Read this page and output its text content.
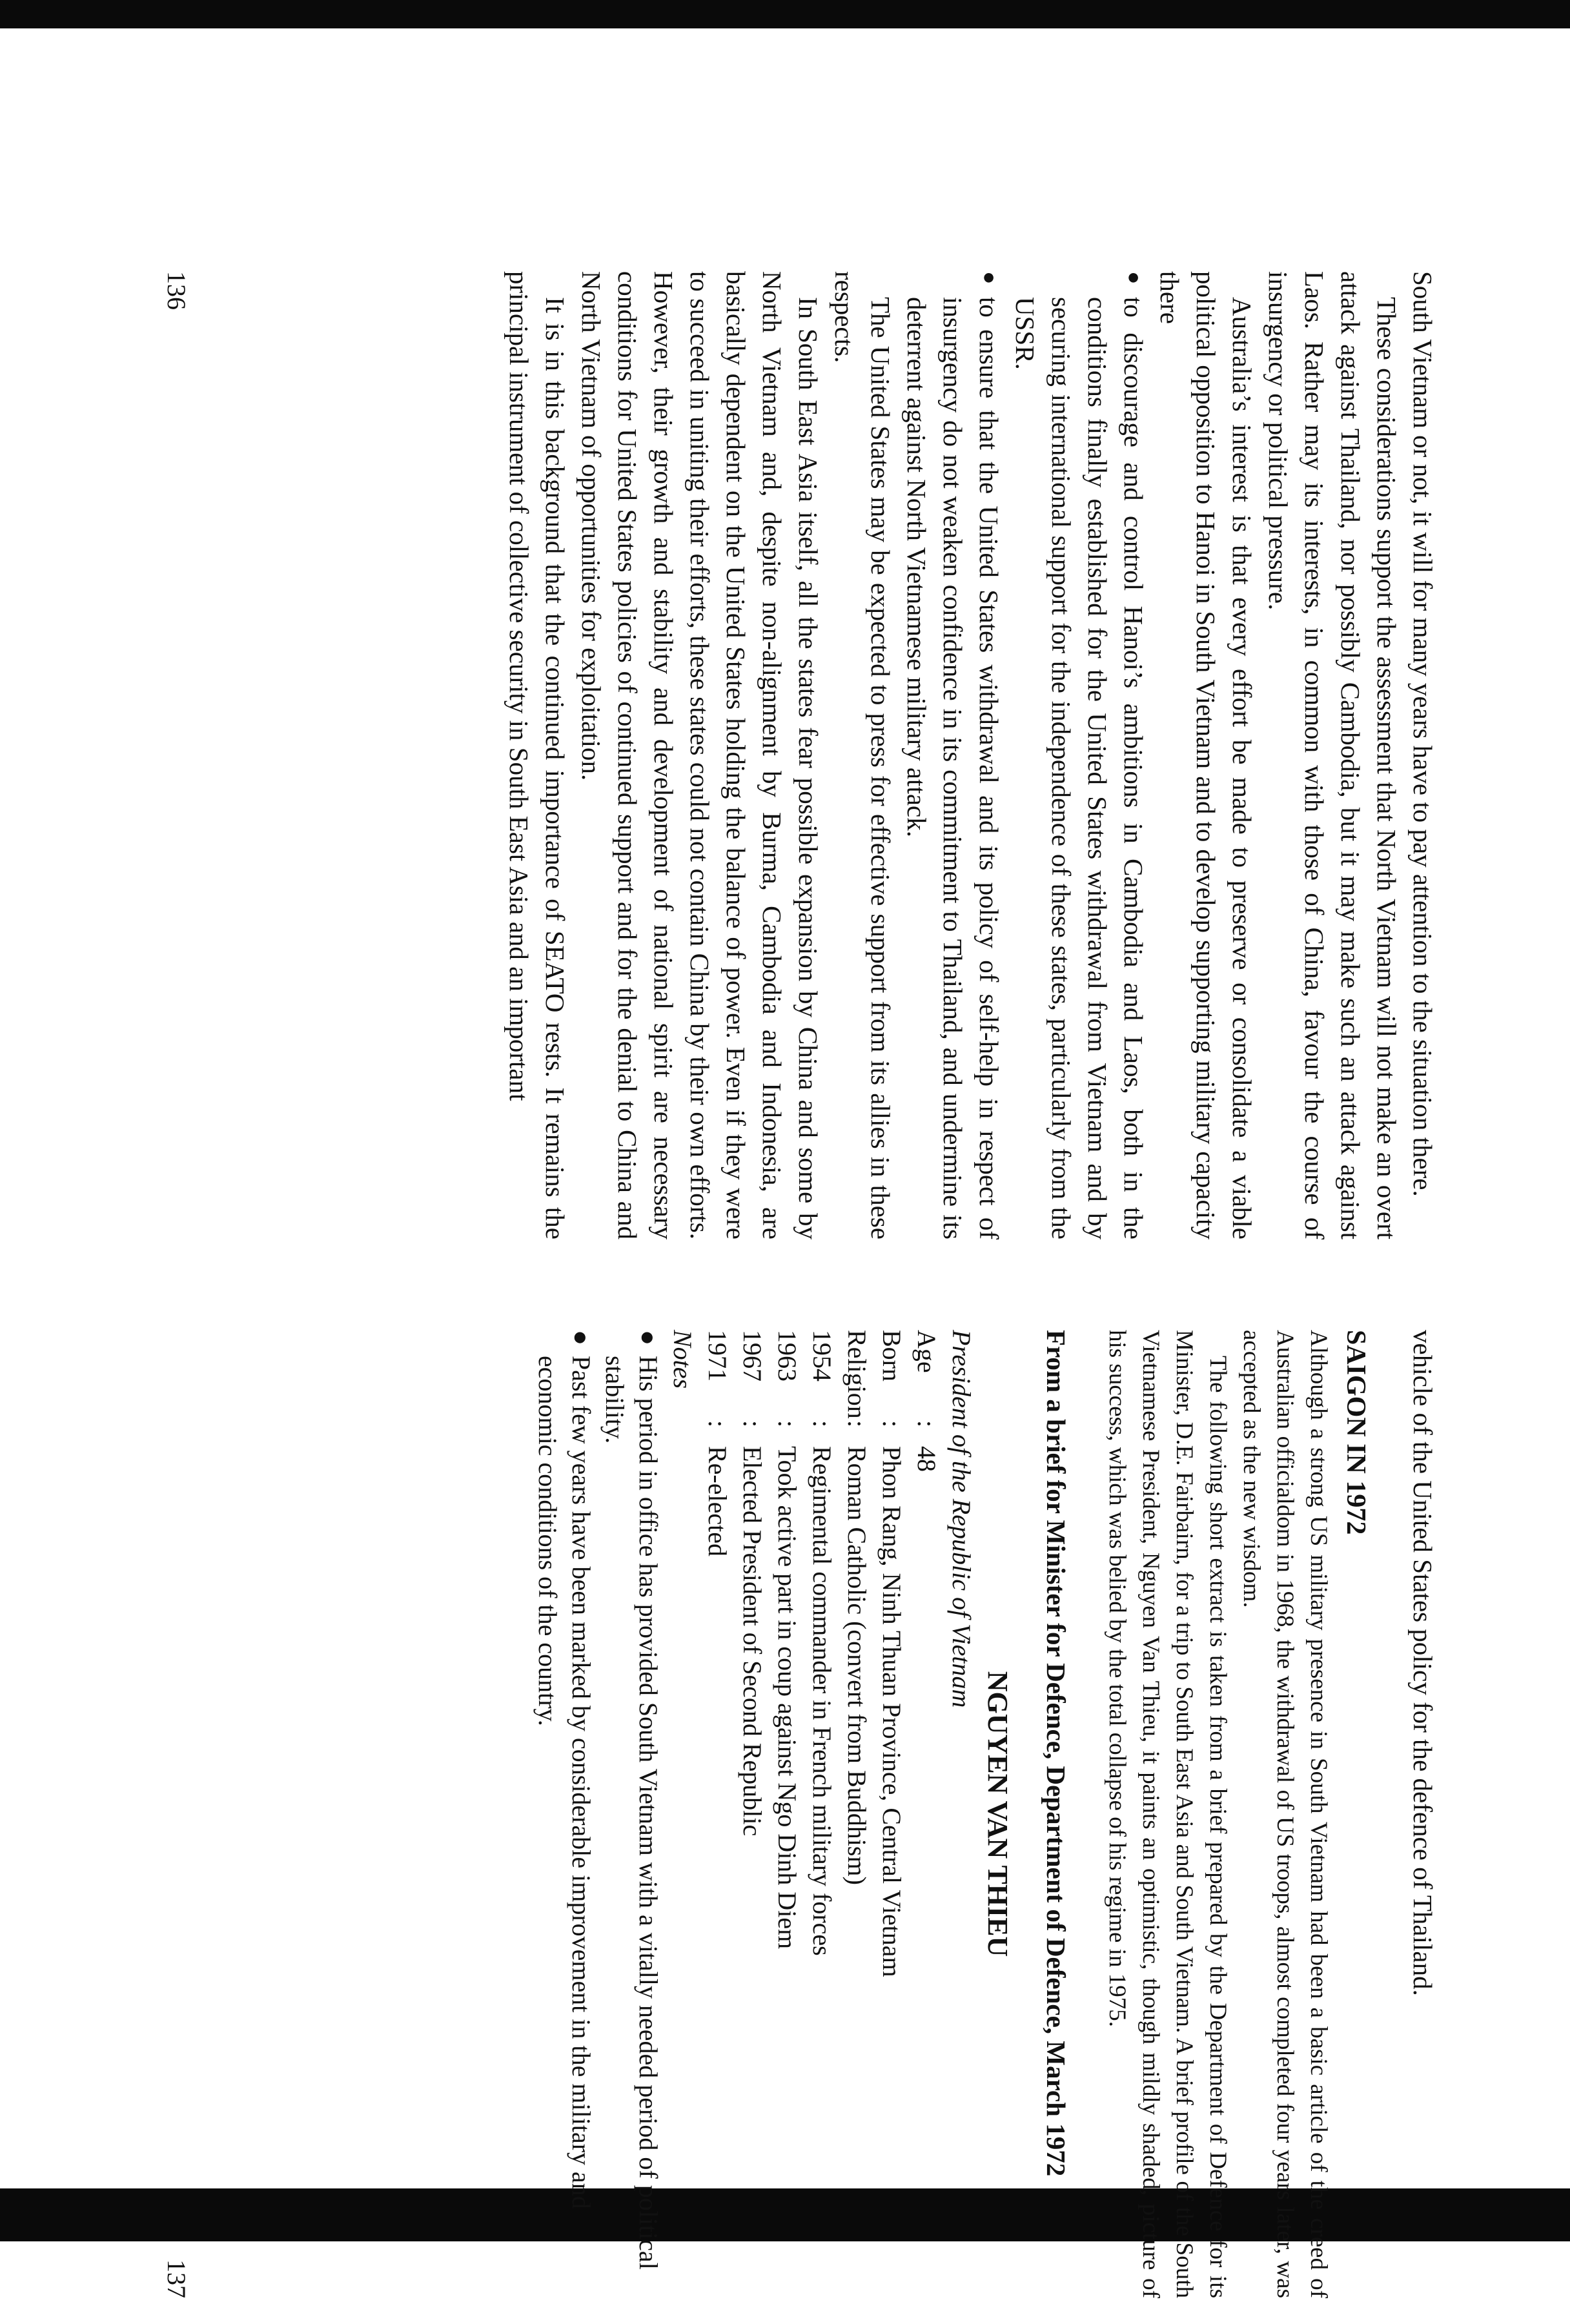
South Vietnam or not, it will for many years have to pay attention to the situation there.

These considerations support the assessment that North Vietnam will not make an overt attack against Thailand, nor possibly Cambodia, but it may make such an attack against Laos. Rather may its interests, in common with those of China, favour the course of insurgency or political pressure.

Australia’s interest is that every effort be made to preserve or consolidate a viable political opposition to Hanoi in South Vietnam and to develop supporting military capacity there

●
to discourage and control Hanoi’s ambitions in Cambodia and Laos, both in the conditions finally established for the United States withdrawal from Vietnam and by securing international support for the independence of these states, particularly from the USSR.
●
to ensure that the United States withdrawal and its policy of self-help in respect of insurgency do not weaken confidence in its commitment to Thailand, and undermine its deterrent against North Vietnamese military attack.

The United States may be expected to press for effective support from its allies in these respects.

In South East Asia itself, all the states fear possible expansion by China and some by North Vietnam and, despite non-alignment by Burma, Cambodia and Indonesia, are basically dependent on the United States holding the balance of power. Even if they were to succeed in uniting their efforts, these states could not contain China by their own efforts. However, their growth and stability and development of national spirit are necessary conditions for United States policies of continued support and for the denial to China and North Vietnam of opportunities for exploitation.

It is in this background that the continued importance of SEATO rests. It remains the principal instrument of collective security in South East Asia and an important

136

vehicle of the United States policy for the defence of Thailand.

SAIGON IN 1972

Although a strong US military presence in South Vietnam had been a basic article of the creed of Australian officialdom in 1968, the withdrawal of US troops, almost completed four years later, was accepted as the new wisdom.

The following short extract is taken from a brief prepared by the Department of Defence for its Minister, D.E. Fairbairn, for a trip to South East Asia and South Vietnam. A brief profile of the South Vietnamese President, Nguyen Van Thieu, it paints an optimistic, though mildly shaded, picture of his success, which was belied by the total collapse of his regime in 1975.

From a brief for Minister for Defence, Department of Defence, March 1972

NGUYEN VAN THIEU
President of the Republic of Vietnam
Age
:
48
Born
:
Phon Rang, Ninh Thuan Province, Central Vietnam
Religion
:
Roman Catholic (convert from Buddhism)
1954
:
Regimental commander in French military forces
1963
:
Took active part in coup against Ngo Dinh Diem
1967
:
Elected President of Second Republic
1971
:
Re-elected
Notes
●
His period in office has provided South Vietnam with a vitally needed period of political stability.
●
Past few years have been marked by considerable improvement in the military and economic conditions of the country.
137
